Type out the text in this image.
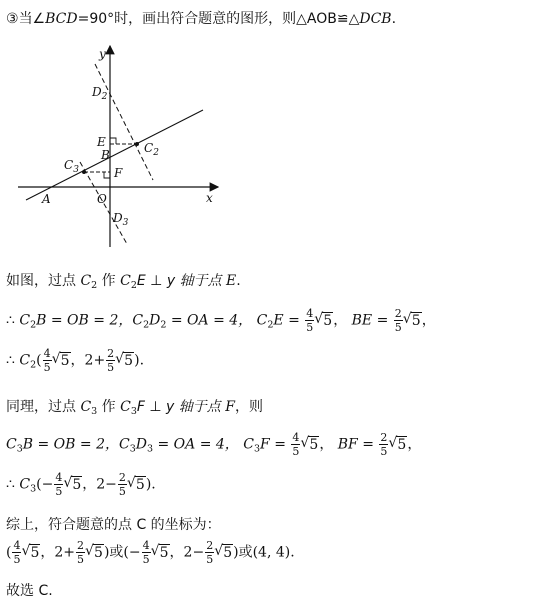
③当∠BCD=90°时，画出符合题意的图形，则△AOB≌△DCB.
y
x
A	O
B
E
F
$C_2$
$C_3$
$D_2$
$D_3$
如图，过点 $C_2$ 作 $C_2E$ ⊥ y 轴于点 E.
∴ $C_2B$ = OB = 2，$C_2D_2$ = OA = 4， $C_2E = \frac{4}{5}$ √ 5， BE = $\frac{2}{5}$ √ 5，
∴ $C_2( \frac{4}{5}$ √ 5，$2+ \frac{2}{5}$ √ 5).
同理，过点 $C_3$ 作 $C_3F$ ⊥ y 轴于点 F，则
$C_3B$ = OB = 2，$C_3D_3$ = OA = 4， $C_3F = \frac{4}{5}$ √ 5， BF = $\frac{2}{5}$ √ 5，
∴ $C_3(- \frac{4}{5}$ √ 5，$2- \frac{2}{5}$ √ 5).
综上，符合题意的点 C 的坐标为：
( $\frac{4}{5}$ √ 5，$2+ \frac{2}{5}$ √ 5)或(− $\frac{4}{5}$ √ 5，$2- \frac{2}{5}$ √ 5)或(4, 4).
故选 C.
